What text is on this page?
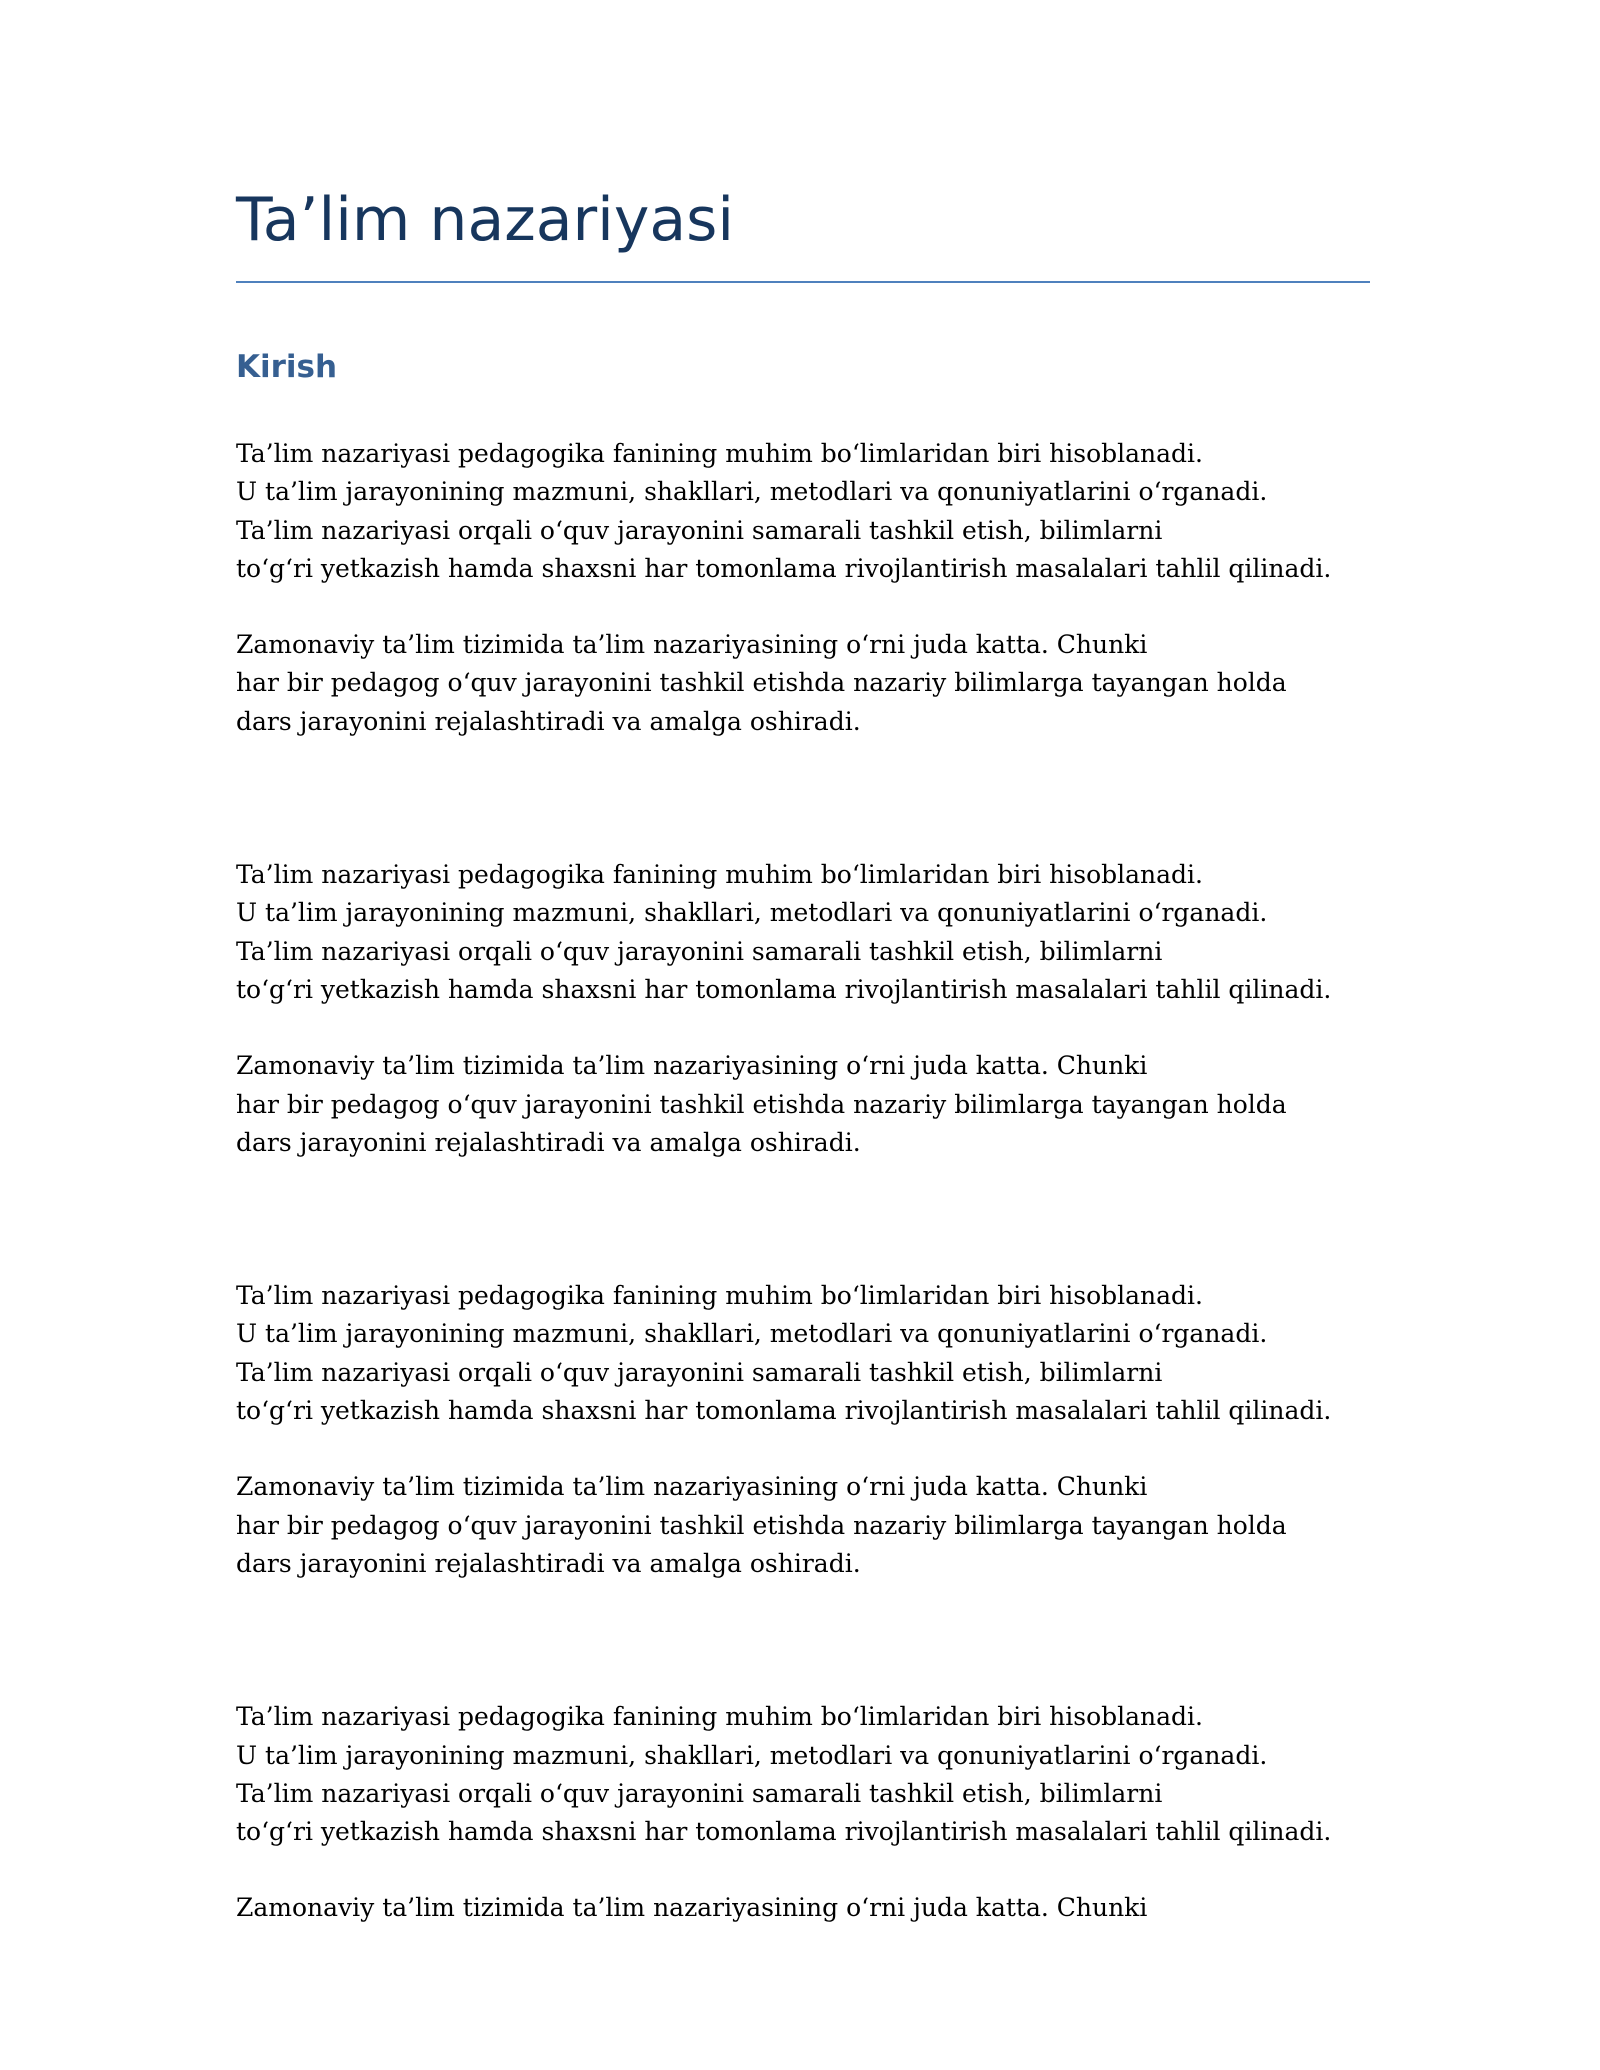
Ta’lim nazariyasi
Kirish

Ta’lim nazariyasi pedagogika fanining muhim bo‘limlaridan biri hisoblanadi.
U ta’lim jarayonining mazmuni, shakllari, metodlari va qonuniyatlarini o‘rganadi.
Ta’lim nazariyasi orqali o‘quv jarayonini samarali tashkil etish, bilimlarni
to‘g‘ri yetkazish hamda shaxsni har tomonlama rivojlantirish masalalari tahlil qilinadi.

Zamonaviy ta’lim tizimida ta’lim nazariyasining o‘rni juda katta. Chunki
har bir pedagog o‘quv jarayonini tashkil etishda nazariy bilimlarga tayangan holda
dars jarayonini rejalashtiradi va amalga oshiradi.

Ta’lim nazariyasi pedagogika fanining muhim bo‘limlaridan biri hisoblanadi.
U ta’lim jarayonining mazmuni, shakllari, metodlari va qonuniyatlarini o‘rganadi.
Ta’lim nazariyasi orqali o‘quv jarayonini samarali tashkil etish, bilimlarni
to‘g‘ri yetkazish hamda shaxsni har tomonlama rivojlantirish masalalari tahlil qilinadi.

Zamonaviy ta’lim tizimida ta’lim nazariyasining o‘rni juda katta. Chunki
har bir pedagog o‘quv jarayonini tashkil etishda nazariy bilimlarga tayangan holda
dars jarayonini rejalashtiradi va amalga oshiradi.

Ta’lim nazariyasi pedagogika fanining muhim bo‘limlaridan biri hisoblanadi.
U ta’lim jarayonining mazmuni, shakllari, metodlari va qonuniyatlarini o‘rganadi.
Ta’lim nazariyasi orqali o‘quv jarayonini samarali tashkil etish, bilimlarni
to‘g‘ri yetkazish hamda shaxsni har tomonlama rivojlantirish masalalari tahlil qilinadi.

Zamonaviy ta’lim tizimida ta’lim nazariyasining o‘rni juda katta. Chunki
har bir pedagog o‘quv jarayonini tashkil etishda nazariy bilimlarga tayangan holda
dars jarayonini rejalashtiradi va amalga oshiradi.

Ta’lim nazariyasi pedagogika fanining muhim bo‘limlaridan biri hisoblanadi.
U ta’lim jarayonining mazmuni, shakllari, metodlari va qonuniyatlarini o‘rganadi.
Ta’lim nazariyasi orqali o‘quv jarayonini samarali tashkil etish, bilimlarni
to‘g‘ri yetkazish hamda shaxsni har tomonlama rivojlantirish masalalari tahlil qilinadi.

Zamonaviy ta’lim tizimida ta’lim nazariyasining o‘rni juda katta. Chunki
